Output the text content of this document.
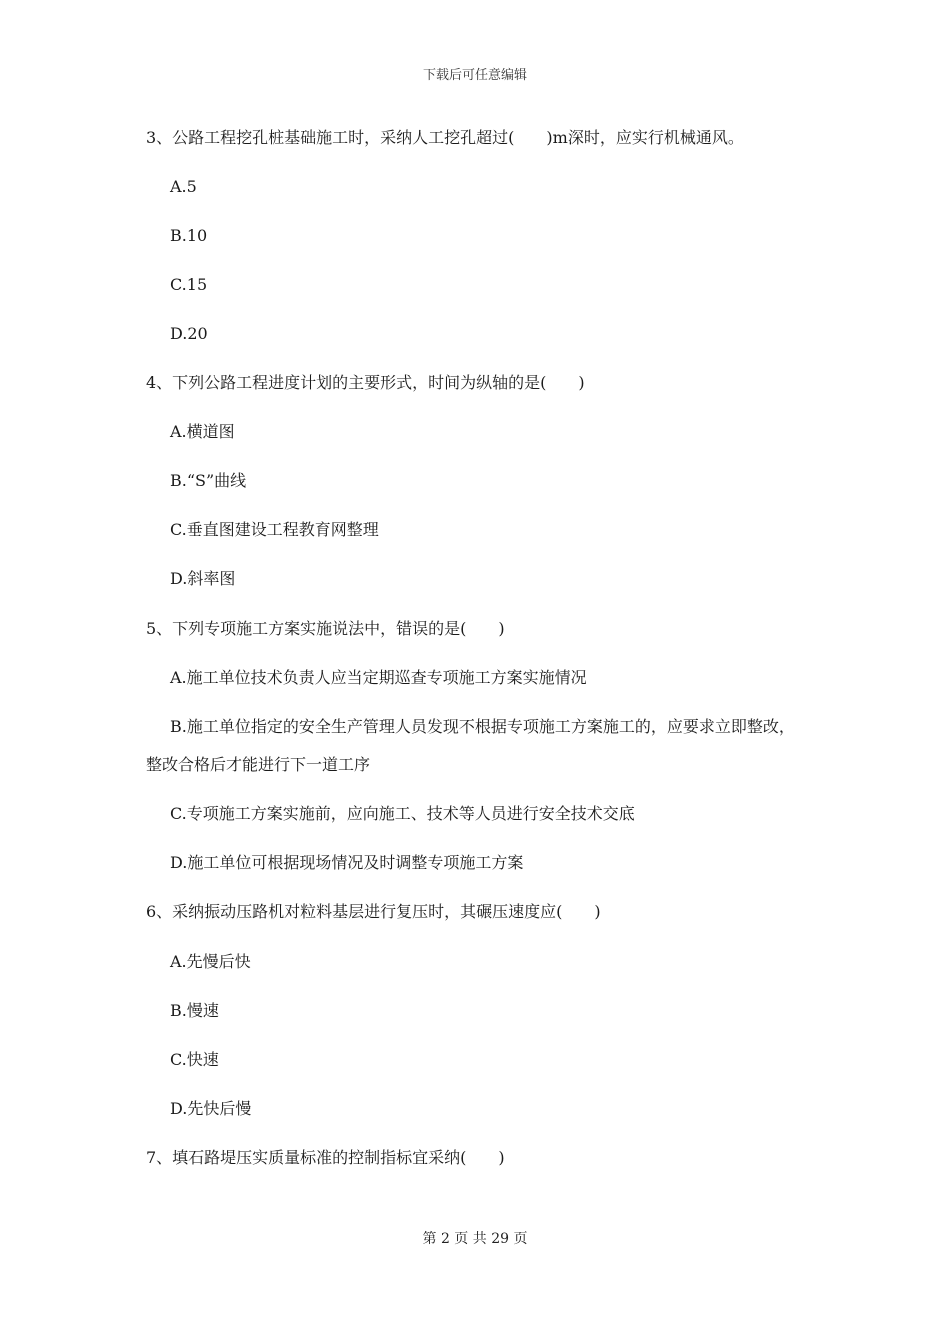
下载后可任意编辑
3、公路工程挖孔桩基础施工时，采纳人工挖孔超过(　　)m深时，应实行机械通风。
A.5
B.10
C.15
D.20
4、下列公路工程进度计划的主要形式，时间为纵轴的是(　　)
A.横道图
B.“S”曲线
C.垂直图建设工程教育网整理
D.斜率图
5、下列专项施工方案实施说法中，错误的是(　　)
A.施工单位技术负责人应当定期巡查专项施工方案实施情况
B.施工单位指定的安全生产管理人员发现不根据专项施工方案施工的，应要求立即整改，
整改合格后才能进行下一道工序
C.专项施工方案实施前，应向施工、技术等人员进行安全技术交底
D.施工单位可根据现场情况及时调整专项施工方案
6、采纳振动压路机对粒料基层进行复压时，其碾压速度应(　　)
A.先慢后快
B.慢速
C.快速
D.先快后慢
7、填石路堤压实质量标准的控制指标宜采纳(　　)
第 2 页 共 29 页
